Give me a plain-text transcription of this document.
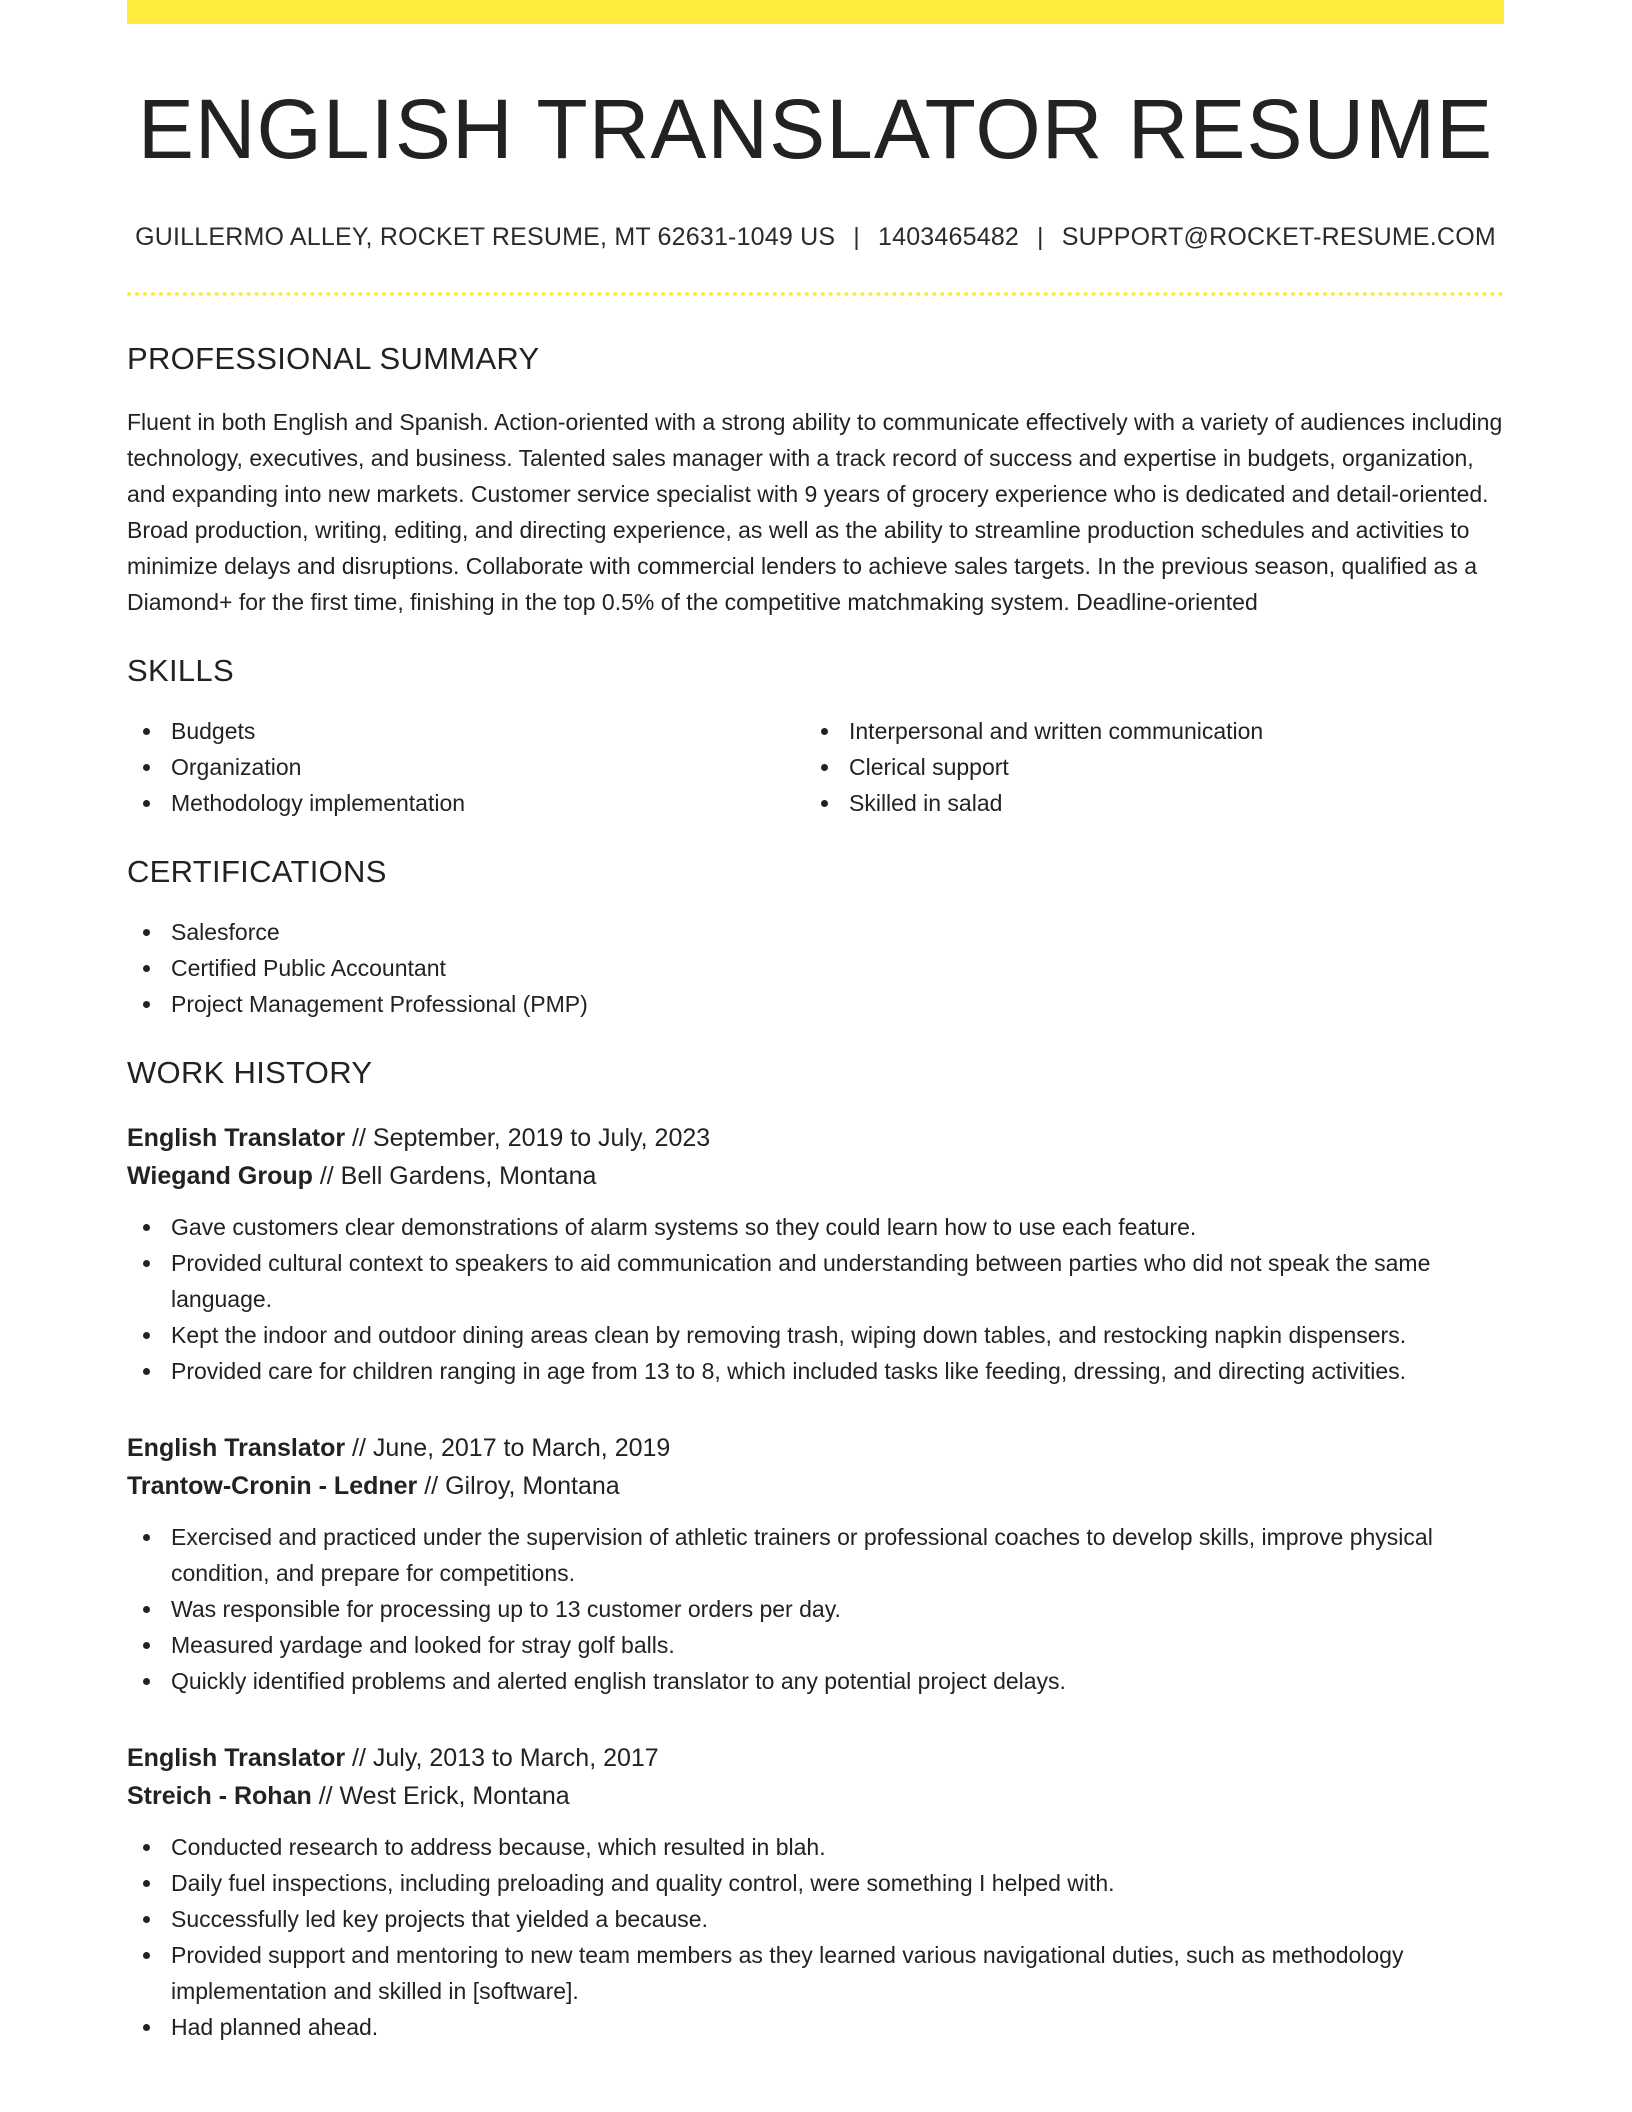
ENGLISH TRANSLATOR RESUME
GUILLERMO ALLEY, ROCKET RESUME, MT 62631-1049 US | 1403465482 | SUPPORT@ROCKET-RESUME.COM
PROFESSIONAL SUMMARY
Fluent in both English and Spanish. Action-oriented with a strong ability to communicate effectively with a variety of audiences including technology, executives, and business. Talented sales manager with a track record of success and expertise in budgets, organization, and expanding into new markets. Customer service specialist with 9 years of grocery experience who is dedicated and detail-oriented. Broad production, writing, editing, and directing experience, as well as the ability to streamline production schedules and activities to minimize delays and disruptions. Collaborate with commercial lenders to achieve sales targets. In the previous season, qualified as a Diamond+ for the first time, finishing in the top 0.5% of the competitive matchmaking system. Deadline-oriented
SKILLS
Budgets
Organization
Methodology implementation
Interpersonal and written communication
Clerical support
Skilled in salad
CERTIFICATIONS
Salesforce
Certified Public Accountant
Project Management Professional (PMP)
WORK HISTORY
English Translator // September, 2019 to July, 2023
Wiegand Group // Bell Gardens, Montana
Gave customers clear demonstrations of alarm systems so they could learn how to use each feature.
Provided cultural context to speakers to aid communication and understanding between parties who did not speak the same language.
Kept the indoor and outdoor dining areas clean by removing trash, wiping down tables, and restocking napkin dispensers.
Provided care for children ranging in age from 13 to 8, which included tasks like feeding, dressing, and directing activities.
English Translator // June, 2017 to March, 2019
Trantow-Cronin - Ledner // Gilroy, Montana
Exercised and practiced under the supervision of athletic trainers or professional coaches to develop skills, improve physical condition, and prepare for competitions.
Was responsible for processing up to 13 customer orders per day.
Measured yardage and looked for stray golf balls.
Quickly identified problems and alerted english translator to any potential project delays.
English Translator // July, 2013 to March, 2017
Streich - Rohan // West Erick, Montana
Conducted research to address because, which resulted in blah.
Daily fuel inspections, including preloading and quality control, were something I helped with.
Successfully led key projects that yielded a because.
Provided support and mentoring to new team members as they learned various navigational duties, such as methodology implementation and skilled in [software].
Had planned ahead.
